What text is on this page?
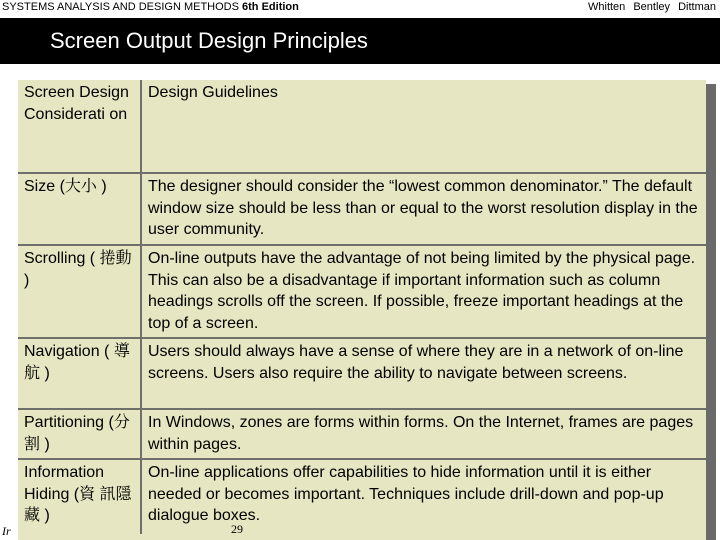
SYSTEMS ANALYSIS AND DESIGN METHODS 6th Edition	Whitten Bentley Dittman
Screen Output Design Principles
Screen Design Considerati on	Design Guidelines
Size (大小 )	The designer should consider the “lowest common denominator.” The default window size should be less than or equal to the worst resolution display in the user community.
Scrolling ( 捲動 )	On-line outputs have the advantage of not being limited by the physical page. This can also be a disadvantage if important information such as column headings scrolls off the screen. If possible, freeze important headings at the top of a screen.
Navigation ( 導航 )	Users should always have a sense of where they are in a network of on-line screens. Users also require the ability to navigate between screens.
Partitioning (分割 )	In Windows, zones are forms within forms. On the Internet, frames are pages within pages.
Information Hiding (資 訊隱藏 )	On-line applications offer capabilities to hide information until it is either needed or becomes important. Techniques include drill-down and pop-up dialogue boxes.
Ir	29
